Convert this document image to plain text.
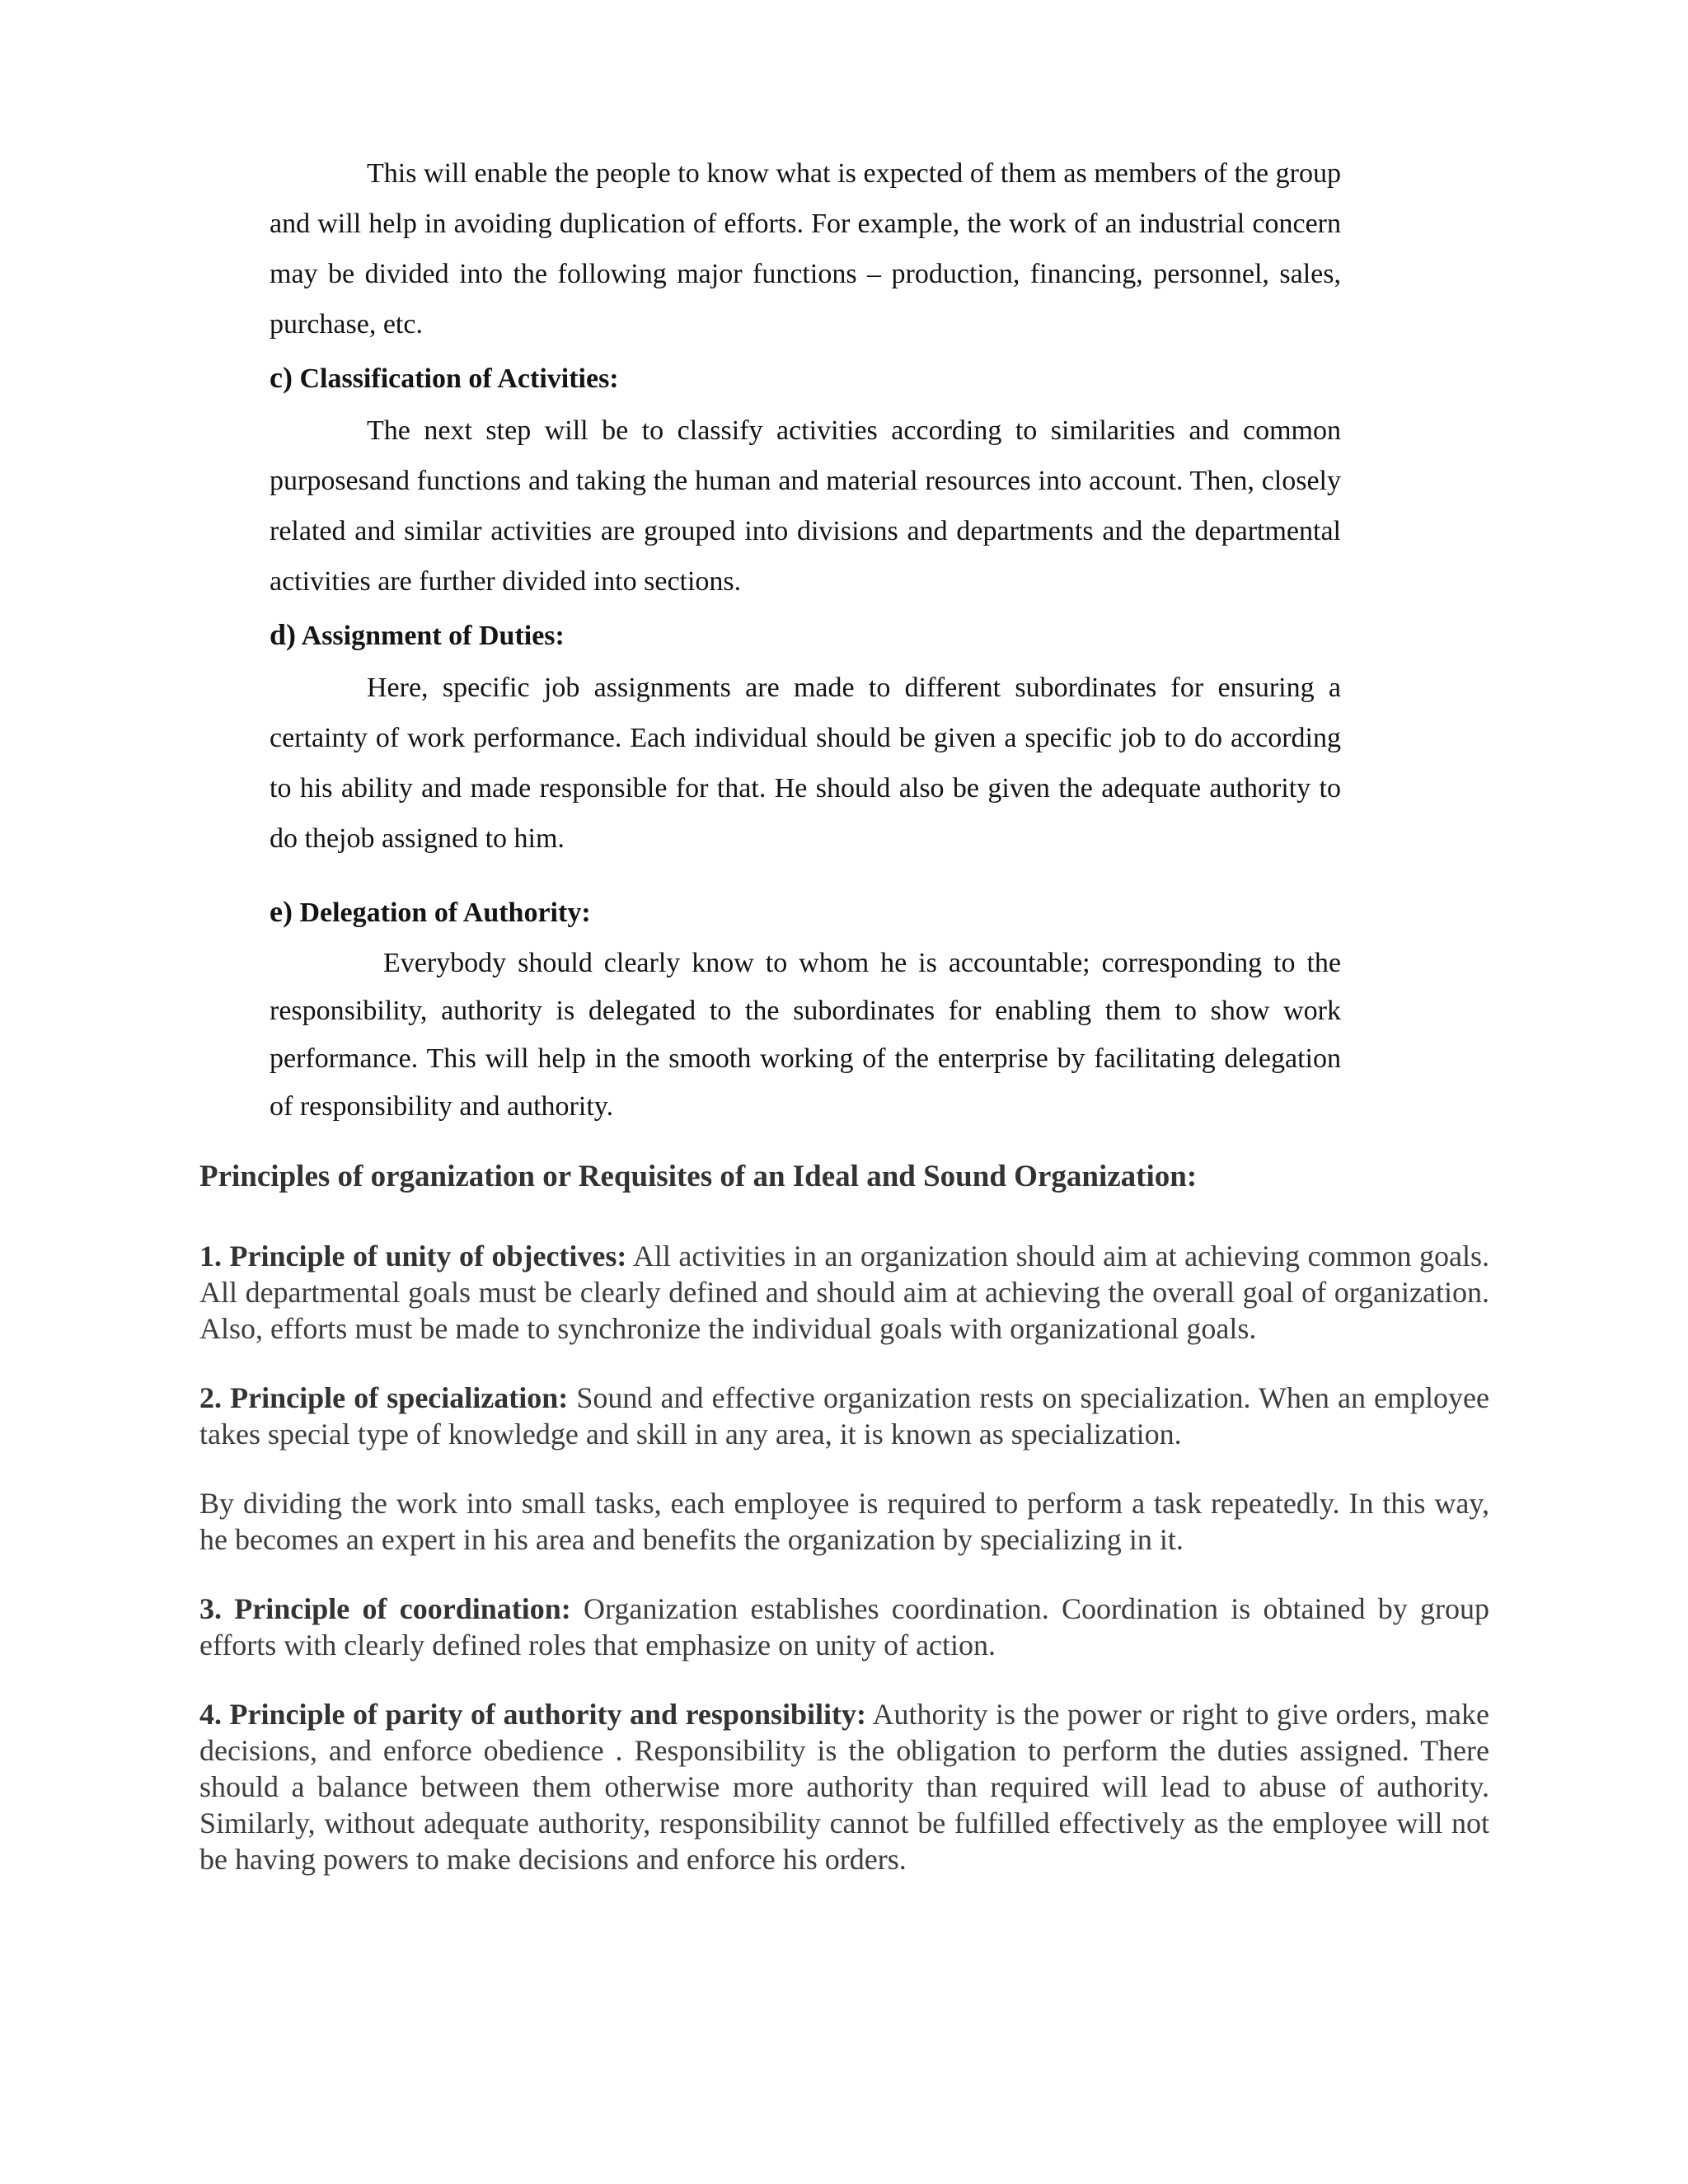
This will enable the people to know what is expected of them as members of the group and will help in avoiding duplication of efforts. For example, the work of an industrial concern may be divided into the following major functions – production, financing, personnel, sales, purchase, etc.

c) Classification of Activities:

The next step will be to classify activities according to similarities and common purposesand functions and taking the human and material resources into account. Then, closely related and similar activities are grouped into divisions and departments and the departmental activities are further divided into sections.

d) Assignment of Duties:

Here, specific job assignments are made to different subordinates for ensuring a certainty of work performance. Each individual should be given a specific job to do according to his ability and made responsible for that. He should also be given the adequate authority to do thejob assigned to him.

e) Delegation of Authority:

Everybody should clearly know to whom he is accountable; corresponding to the responsibility, authority is delegated to the subordinates for enabling them to show work performance. This will help in the smooth working of the enterprise by facilitating delegation of responsibility and authority.

Principles of organization or Requisites of an Ideal and Sound Organization:

1. Principle of unity of objectives: All activities in an organization should aim at achieving common goals. All departmental goals must be clearly defined and should aim at achieving the overall goal of organization. Also, efforts must be made to synchronize the individual goals with organizational goals.

2. Principle of specialization: Sound and effective organization rests on specialization. When an employee takes special type of knowledge and skill in any area, it is known as specialization.

By dividing the work into small tasks, each employee is required to perform a task repeatedly. In this way, he becomes an expert in his area and benefits the organization by specializing in it.

3. Principle of coordination: Organization establishes coordination. Coordination is obtained by group efforts with clearly defined roles that emphasize on unity of action.

4. Principle of parity of authority and responsibility: Authority is the power or right to give orders, make decisions, and enforce obedience . Responsibility is the obligation to perform the duties assigned. There should a balance between them otherwise more authority than required will lead to abuse of authority. Similarly, without adequate authority, responsibility cannot be fulfilled effectively as the employee will not be having powers to make decisions and enforce his orders.
